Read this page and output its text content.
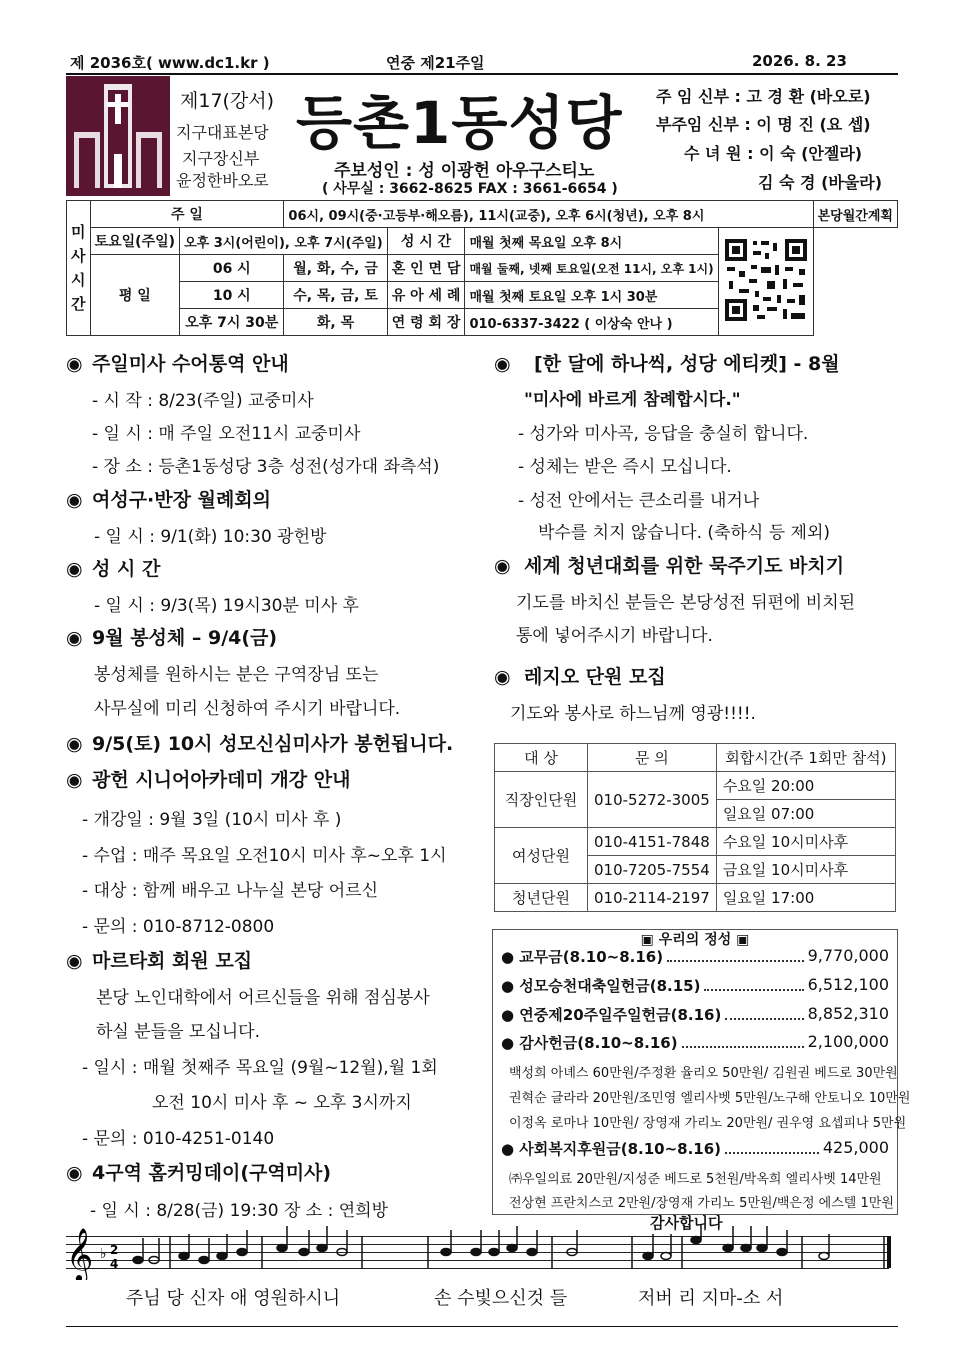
제 2036호( www.dc1.kr )	연중 제21주일	2026. 8. 23
제17(강서)
지구대표본당
지구장신부
윤정한바오로
등촌1동성당
주보성인 : 성 이광헌 아우구스티노
( 사무실 : 3662-8625 FAX : 3661-6654 )
주 임 신부 : 고 경 환 (바오로)
부주임 신부 : 이 명 진 (요 셉)
수 녀 원 : 이 숙 (안젤라)
김 숙 경 (바울라)
미사시간	주 일		06시, 09시(중·고등부·해오름), 11시(교중), 오후 6시(청년), 오후 8시				본당월간계획
	토요일(주일)	오후 3시(어린이), 오후 7시(주일)		성 시 간	매월 첫째 목요일 오후 8시	
	평 일	06 시	월, 화, 수, 금	혼 인 면 담	매월 둘째, 넷째 토요일(오전 11시, 오후 1시)		
		10 시	수, 목, 금, 토	유 아 세 례	매월 첫째 토요일 오후 1시 30분		
		오후 7시 30분	화, 목	연 령 회 장	010-6337-3422 ( 이상숙 안나 )		
◉ 주일미사 수어통역 안내
- 시 작 : 8/23(주일) 교중미사
- 일 시 : 매 주일 오전11시 교중미사
- 장 소 : 등촌1동성당 3층 성전(성가대 좌측석)
◉ 여성구·반장 월례회의
- 일 시 : 9/1(화) 10:30 광헌방
◉ 성 시 간
- 일 시 : 9/3(목) 19시30분 미사 후
◉ 9월 봉성체 – 9/4(금)
봉성체를 원하시는 분은 구역장님 또는
사무실에 미리 신청하여 주시기 바랍니다.
◉ 9/5(토) 10시 성모신심미사가 봉헌됩니다.
◉ 광헌 시니어아카데미 개강 안내
- 개강일 : 9월 3일 (10시 미사 후 )
- 수업 : 매주 목요일 오전10시 미사 후~오후 1시
- 대상 : 함께 배우고 나누실 본당 어르신
- 문의 : 010-8712-0800
◉ 마르타회 회원 모집
본당 노인대학에서 어르신들을 위해 점심봉사
하실 분들을 모십니다.
- 일시 : 매월 첫째주 목요일 (9월~12월),월 1회
오전 10시 미사 후 ~ 오후 3시까지
- 문의 : 010-4251-0140
◉ 4구역 홈커밍데이(구역미사)
- 일 시 : 8/28(금) 19:30 장 소 : 연희방
◉ [한 달에 하나씩, 성당 에티켓] - 8월
"미사에 바르게 참례합시다."
- 성가와 미사곡, 응답을 충실히 합니다.
- 성체는 받은 즉시 모십니다.
- 성전 안에서는 큰소리를 내거나
박수를 치지 않습니다. (축하식 등 제외)
◉ 세계 청년대회를 위한 묵주기도 바치기
기도를 바치신 분들은 본당성전 뒤편에 비치된
통에 넣어주시기 바랍니다.
◉ 레지오 단원 모집
기도와 봉사로 하느님께 영광!!!!.
대 상	문 의	회합시간(주 1회만 참석)
직장인단원	010-5272-3005	수요일 20:00
		일요일 07:00
여성단원	010-4151-7848	수요일 10시미사후
	010-7205-7554	금요일 10시미사후
청년단원	010-2114-2197	일요일 17:00
▣ 우리의 정성 ▣
● 교무금(8.10~8.16)	9,770,000
● 성모승천대축일헌금(8.15)	6,512,100
● 연중제20주일주일헌금(8.16)	8,852,310
● 감사헌금(8.10~8.16)	2,100,000
백성희 아녜스 60만원/주정환 율리오 50만원/ 김원권 베드로 30만원
권혁순 글라라 20만원/조민영 엘리사벳 5만원/노구해 안토니오 10만원
이정옥 로마나 10만원/ 장영재 가리노 20만원/ 권우영 요셉피나 5만원
● 사회복지후원금(8.10~8.16)	425,000
㈜우일의료 20만원/지성준 베드로 5천원/박옥희 엘리사벳 14만원
전상현 프란치스코 2만원/장영재 가리노 5만원/백은정 에스텔 1만원
감사합니다
𝄞 ♭ 2
4
주님 당 신자 애 영원하시니	손 수빛으신것 들	저버 리 지마-소 서
